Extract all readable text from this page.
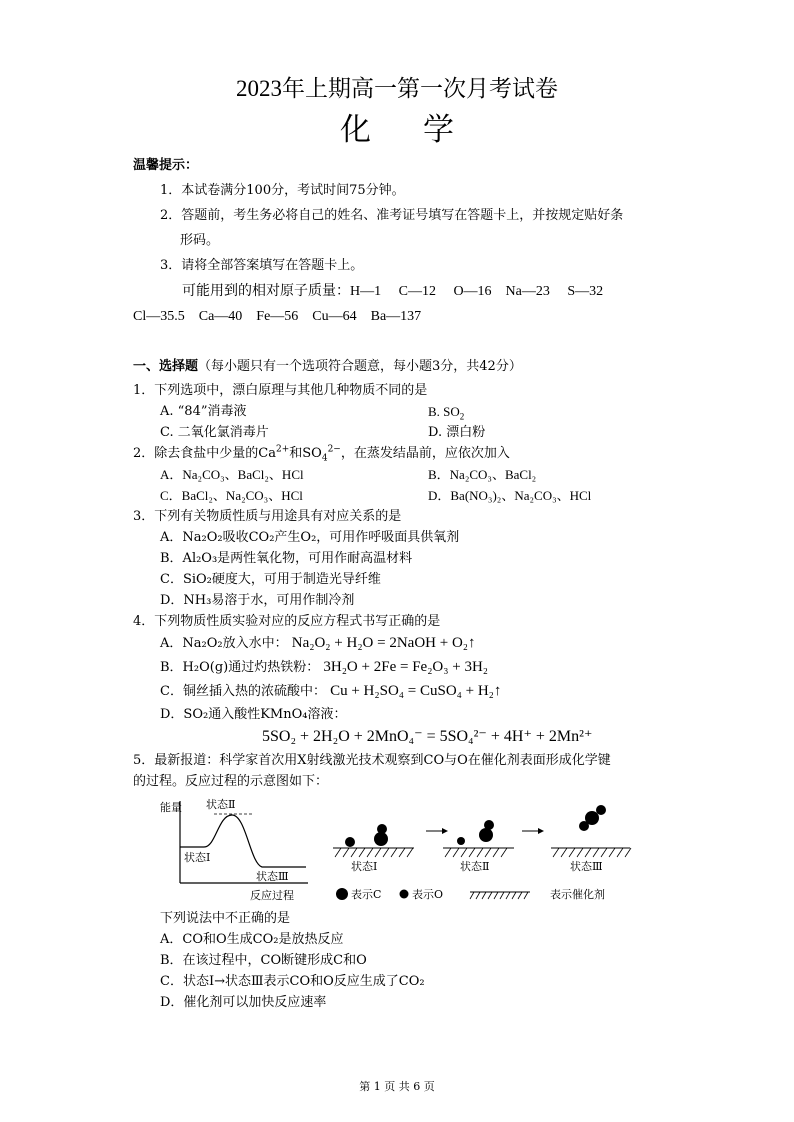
2023年上期高一第一次月考试卷
化学
温馨提示：
1．本试卷满分100分，考试时间75分钟。
2．答题前，考生务必将自己的姓名、准考证号填写在答题卡上，并按规定贴好条
形码。
3．请将全部答案填写在答题卡上。
可能用到的相对原子质量：H—1　 C—12　 O—16　Na—23　 S—32
Cl—35.5　Ca—40　Fe—56　Cu—64　Ba—137
一、选择题（每小题只有一个选项符合题意，每小题3分，共42分）
1．下列选项中，漂白原理与其他几种物质不同的是
A. “84”消毒液	B. $SO_2$
C. 二氧化氯消毒片	D. 漂白粉
2．除去食盐中少量的$Ca^{2+}$和$SO_4^{2-}$，在蒸发结晶前，应依次加入
A．Na₂CO₃、BaCl₂、HCl	B．Na₂CO₃、BaCl₂
C．BaCl₂、Na₂CO₃、HCl	D．Ba(NO₃)₂、Na₂CO₃、HCl
3．下列有关物质性质与用途具有对应关系的是
A．Na₂O₂吸收CO₂产生O₂，可用作呼吸面具供氧剂
B．Al₂O₃是两性氧化物，可用作耐高温材料
C．SiO₂硬度大，可用于制造光导纤维
D．NH₃易溶于水，可用作制冷剂
4．下列物质性质实验对应的反应方程式书写正确的是
A．Na₂O₂放入水中： Na₂O₂ + H₂O = 2NaOH + O₂↑
B．H₂O(g)通过灼热铁粉： 3H₂O + 2Fe = Fe₂O₃ + 3H₂
C．铜丝插入热的浓硫酸中： Cu + H₂SO₄ = CuSO₄ + H₂↑
D．SO₂通入酸性KMnO₄溶液：
5SO₂ + 2H₂O + 2MnO₄⁻ = 5SO₄²⁻ + 4H⁺ + 2Mn²⁺
5．最新报道：科学家首次用X射线激光技术观察到CO与O在催化剂表面形成化学键
的过程。反应过程的示意图如下：
能量 状态Ⅱ
状态Ⅰ
状态Ⅲ
反应过程
状态Ⅰ	状态Ⅱ	状态Ⅲ
表示C	表示O	表示催化剂
下列说法中不正确的是
A．CO和O生成CO₂是放热反应
B．在该过程中，CO断键形成C和O
C．状态Ⅰ→状态Ⅲ表示CO和O反应生成了CO₂
D．催化剂可以加快反应速率
第 1 页 共 6 页
